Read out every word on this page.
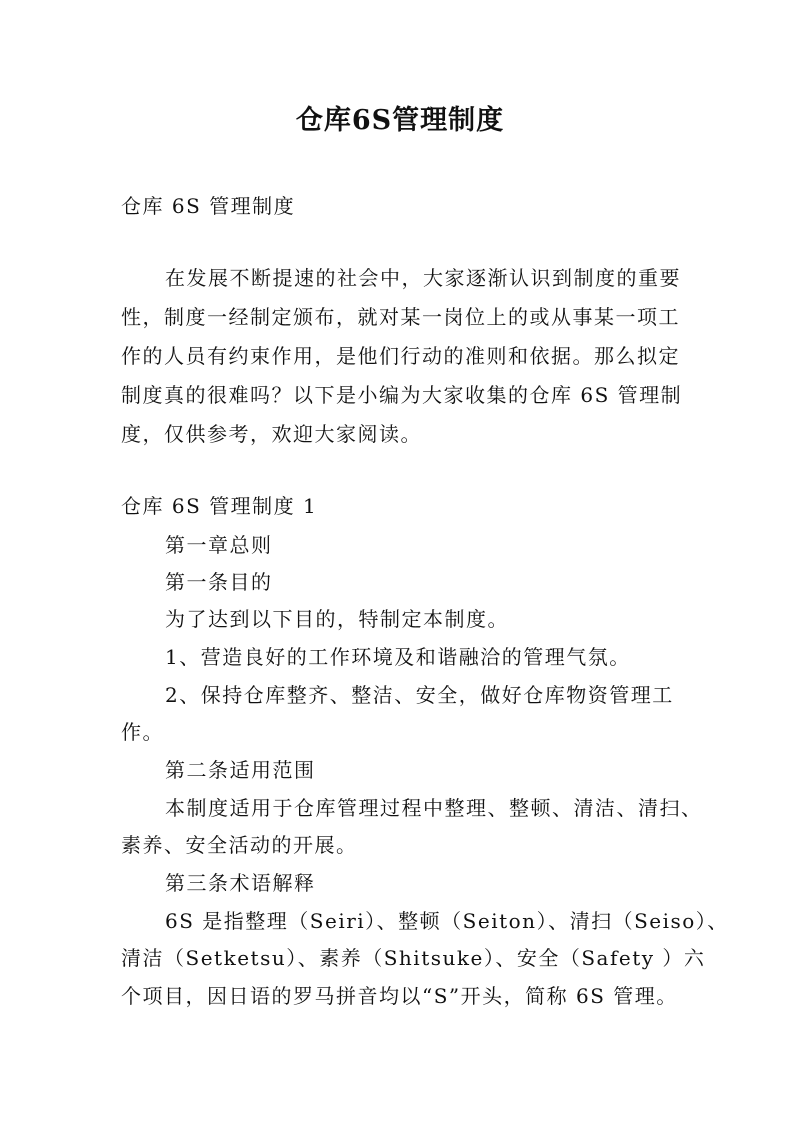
仓库6S管理制度
仓库 6S 管理制度
在发展不断提速的社会中，大家逐渐认识到制度的重要
性，制度一经制定颁布，就对某一岗位上的或从事某一项工
作的人员有约束作用，是他们行动的准则和依据。那么拟定
制度真的很难吗？以下是小编为大家收集的仓库 6S 管理制
度，仅供参考，欢迎大家阅读。
仓库 6S 管理制度 1
第一章总则
第一条目的
为了达到以下目的，特制定本制度。
1、营造良好的工作环境及和谐融洽的管理气氛。
2、保持仓库整齐、整洁、安全，做好仓库物资管理工
作。
第二条适用范围
本制度适用于仓库管理过程中整理、整顿、清洁、清扫、
素养、安全活动的开展。
第三条术语解释
6S 是指整理（Seiri）、整顿（Seiton）、清扫（Seiso）、
清洁（Setketsu）、素养（Shitsuke）、安全（Safety ）六
个项目，因日语的罗马拼音均以“S”开头，简称 6S 管理。
